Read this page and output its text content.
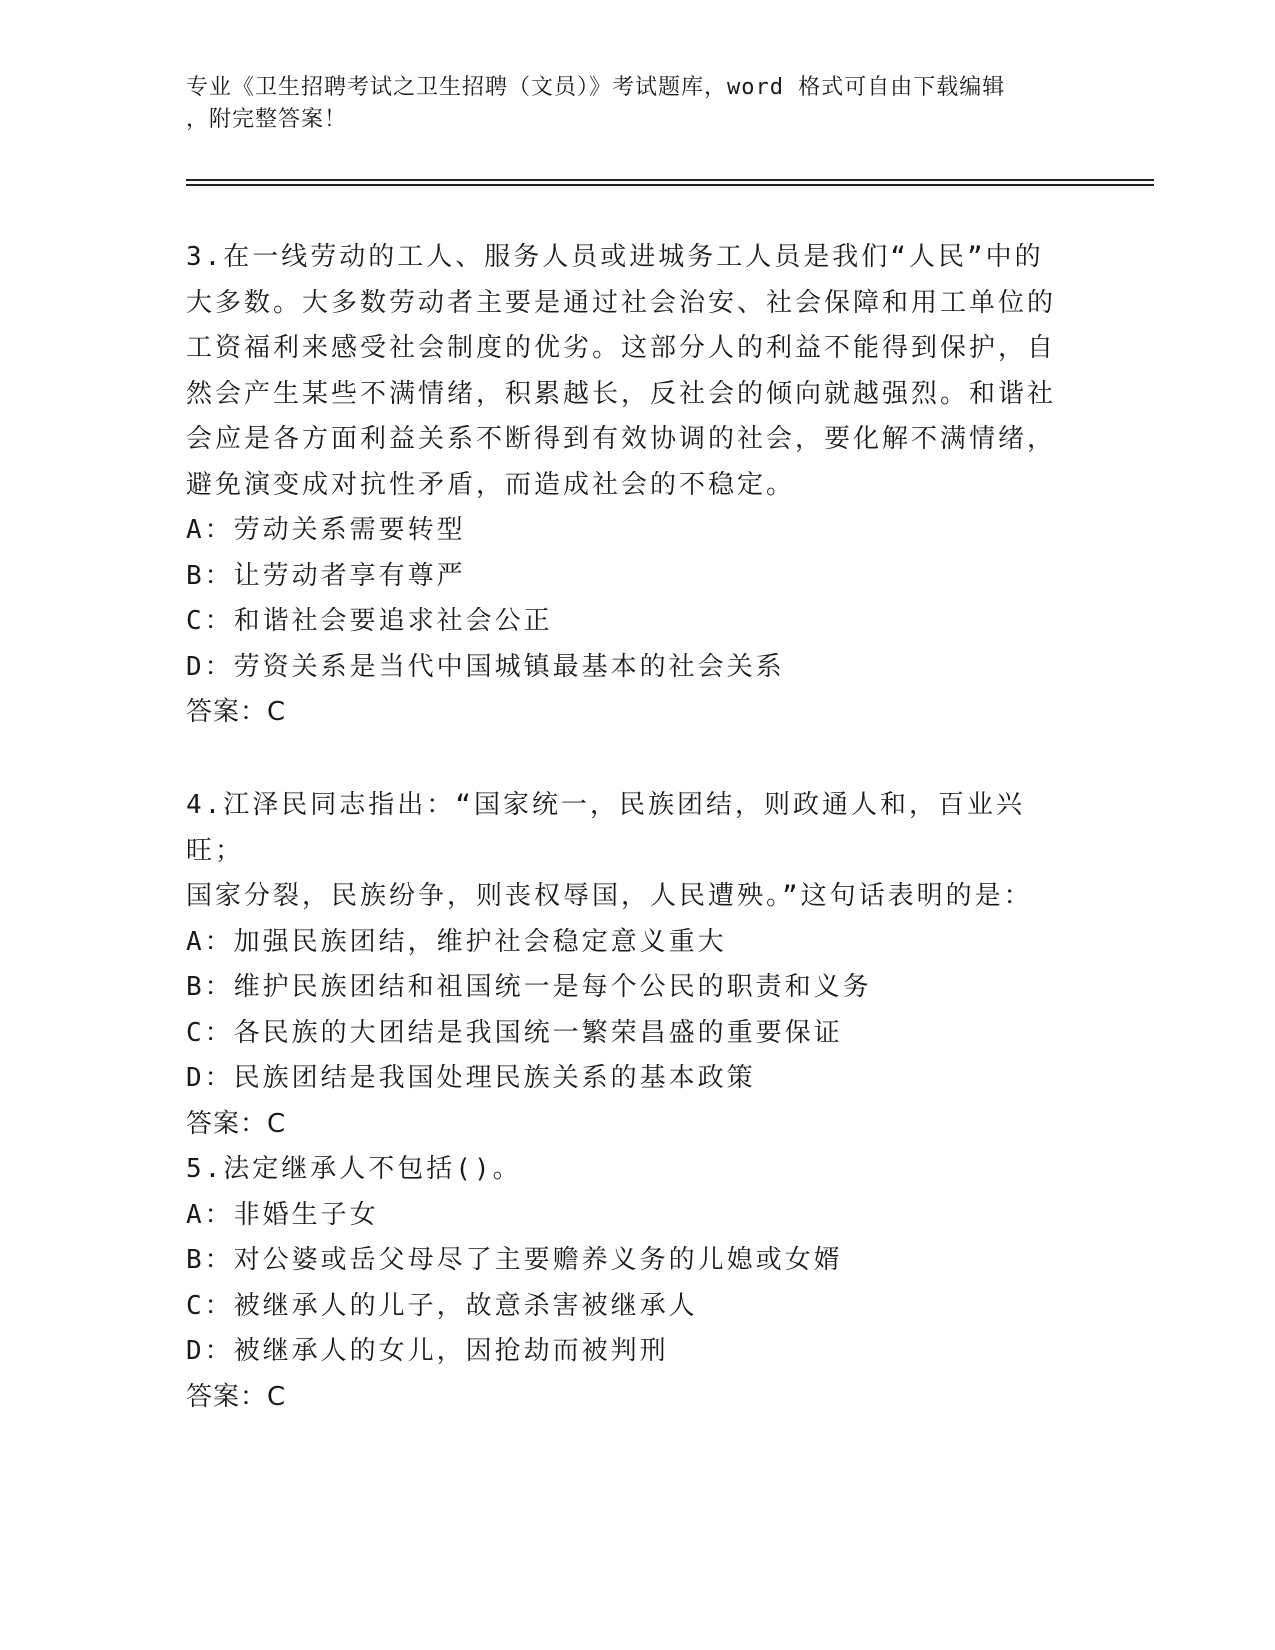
专业《卫生招聘考试之卫生招聘（文员）》考试题库，word 格式可自由下载编辑
，附完整答案！
3.在一线劳动的工人、服务人员或进城务工人员是我们“人民”中的
大多数。大多数劳动者主要是通过社会治安、社会保障和用工单位的
工资福利来感受社会制度的优劣。这部分人的利益不能得到保护，自
然会产生某些不满情绪，积累越长，反社会的倾向就越强烈。和谐社
会应是各方面利益关系不断得到有效协调的社会，要化解不满情绪，
避免演变成对抗性矛盾，而造成社会的不稳定。
A：劳动关系需要转型
B：让劳动者享有尊严
C：和谐社会要追求社会公正
D：劳资关系是当代中国城镇最基本的社会关系
答案：C
4.江泽民同志指出：“国家统一，民族团结，则政通人和，百业兴旺；
国家分裂，民族纷争，则丧权辱国，人民遭殃。”这句话表明的是：
A：加强民族团结，维护社会稳定意义重大
B：维护民族团结和祖国统一是每个公民的职责和义务
C：各民族的大团结是我国统一繁荣昌盛的重要保证
D：民族团结是我国处理民族关系的基本政策
答案：C
5.法定继承人不包括()。
A：非婚生子女
B：对公婆或岳父母尽了主要赡养义务的儿媳或女婿
C：被继承人的儿子，故意杀害被继承人
D：被继承人的女儿，因抢劫而被判刑
答案：C
